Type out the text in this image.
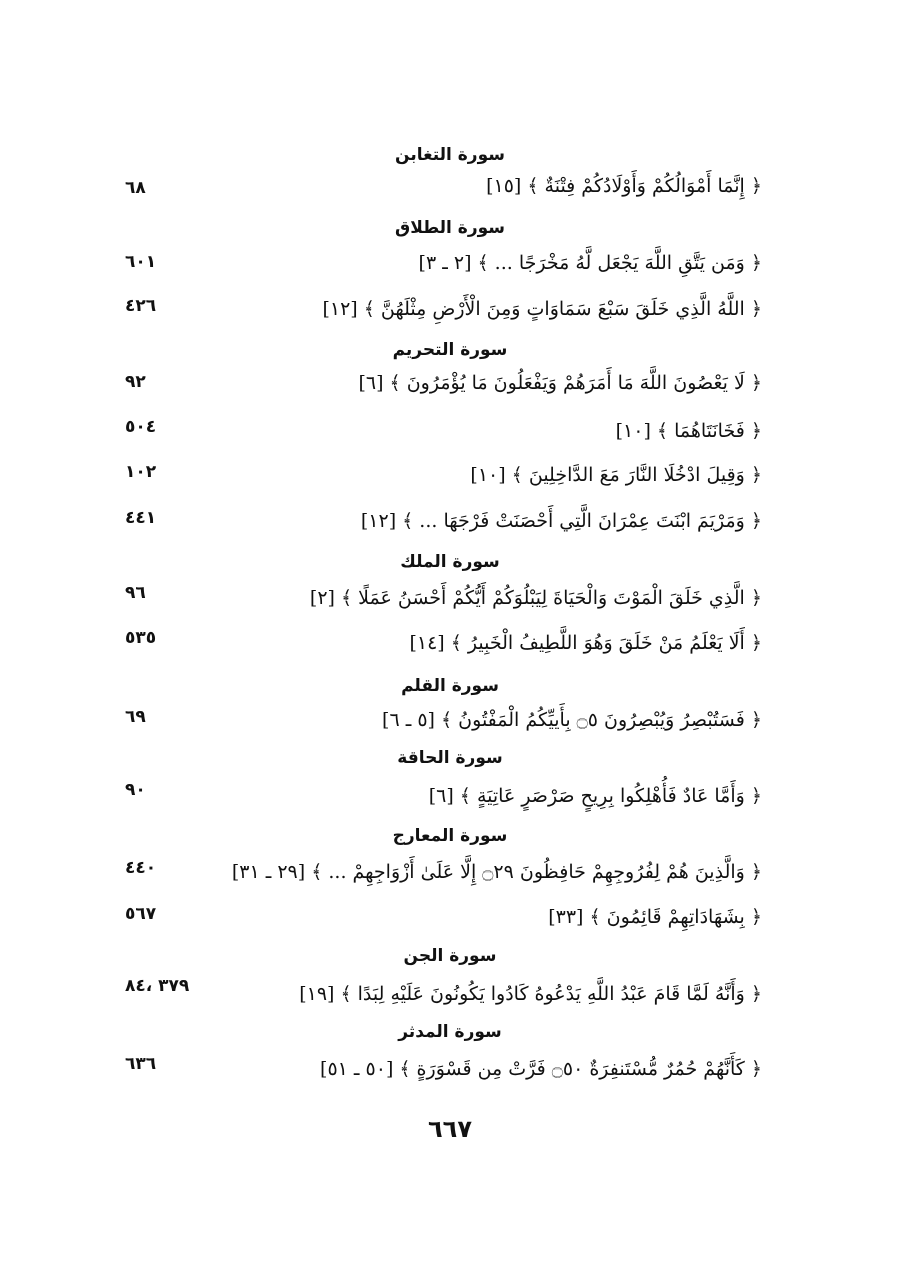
سورة التغابن
﴿ إِنَّمَا أَمْوَالُكُمْ وَأَوْلَادُكُمْ فِتْنَةٌ ﴾ [١٥]
٦٨
سورة الطلاق
﴿ وَمَن يَتَّقِ اللَّهَ يَجْعَل لَّهُ مَخْرَجًا ... ﴾ [٢ ـ ٣]
٦٠١
﴿ اللَّهُ الَّذِي خَلَقَ سَبْعَ سَمَاوَاتٍ وَمِنَ الْأَرْضِ مِثْلَهُنَّ ﴾ [١٢]
٤٢٦
سورة التحريم
﴿ لَا يَعْصُونَ اللَّهَ مَا أَمَرَهُمْ وَيَفْعَلُونَ مَا يُؤْمَرُونَ ﴾ [٦]
٩٢
﴿ فَخَانَتَاهُمَا ﴾ [١٠]
٥٠٤
﴿ وَقِيلَ ادْخُلَا النَّارَ مَعَ الدَّاخِلِينَ ﴾ [١٠]
١٠٢
﴿ وَمَرْيَمَ ابْنَتَ عِمْرَانَ الَّتِي أَحْصَنَتْ فَرْجَهَا ... ﴾ [١٢]
٤٤١
سورة الملك
﴿ الَّذِي خَلَقَ الْمَوْتَ وَالْحَيَاةَ لِيَبْلُوَكُمْ أَيُّكُمْ أَحْسَنُ عَمَلًا ﴾ [٢]
٩٦
﴿ أَلَا يَعْلَمُ مَنْ خَلَقَ وَهُوَ اللَّطِيفُ الْخَبِيرُ ﴾ [١٤]
٥٣٥
سورة القلم
﴿ فَسَتُبْصِرُ وَيُبْصِرُونَ ۝٥ بِأَييِّكُمُ الْمَفْتُونُ ﴾ [٥ ـ ٦]
٦٩
سورة الحاقة
﴿ وَأَمَّا عَادٌ فَأُهْلِكُوا بِرِيحٍ صَرْصَرٍ عَاتِيَةٍ ﴾ [٦]
٩٠
سورة المعارج
﴿ وَالَّذِينَ هُمْ لِفُرُوجِهِمْ حَافِظُونَ ۝٢٩ إِلَّا عَلَىٰ أَزْوَاجِهِمْ ... ﴾ [٢٩ ـ ٣١]
٤٤٠
﴿ بِشَهَادَاتِهِمْ قَائِمُونَ ﴾ [٣٣]
٥٦٧
سورة الجن
﴿ وَأَنَّهُ لَمَّا قَامَ عَبْدُ اللَّهِ يَدْعُوهُ كَادُوا يَكُونُونَ عَلَيْهِ لِبَدًا ﴾ [١٩]
٣٧٩ ،٨٤
سورة المدثر
﴿ كَأَنَّهُمْ حُمُرٌ مُّسْتَنفِرَةٌ ۝٥٠ فَرَّتْ مِن قَسْوَرَةٍ ﴾ [٥٠ ـ ٥١]
٦٣٦
٦٦٧
